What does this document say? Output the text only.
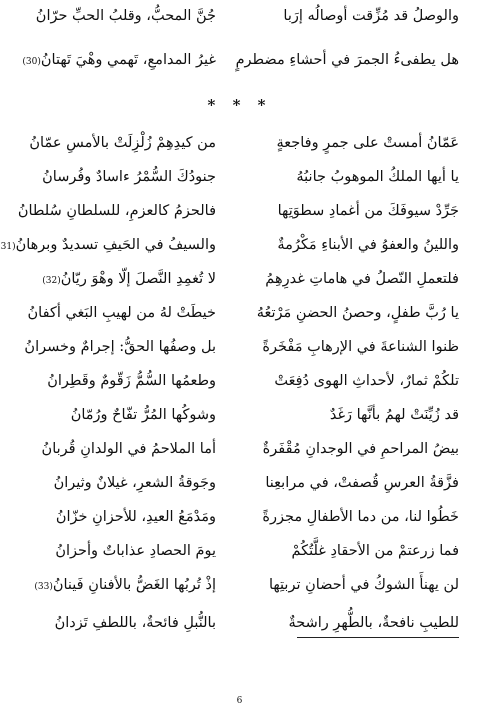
والوصلُ قد مُزِّقت أوصالُه إرَبا

هل يطفىءُ الجمرَ في أحشاءِ مضطرمٍ

جُنَّ المحبُّ، وقلبُ الحبِّ حرّانُ

غيرُ المدامعِ، تَهمي وهْيَ تَهتانُ(30)

* * *

عَمّانُ أمستْ على جمرٍ وفاجعةٍ

يا أيها الملكُ الموهوبُ جانبُهُ

جَرِّدْ سيوفَكَ من أغمادِ سطوَتِها

واللينُ والعفوُ في الأبناءِ مَكْرُمةٌ

فلتعملِ النّصلُ في هاماتِ غدرِهِمُ

يا رُبَّ طفلٍ، وحصنُ الحضنِ مَرْتعُهُ

ظنوا الشناعةَ في الإرهابِ مَفْخَرةً

تلكُمْ ثمارٌ، لأحداثِ الهوى دُفِعَتْ

قد زُيِّنَتْ لهمُ بأنَّها رَغَدٌ

بيضُ المراحمِ في الوجدانِ مُقْفَرةٌ

فزَّقةُ العرسِ قُصفتْ، في مرابعِنا

خَطُوا لنا، من دما الأطفالِ مجزرةً

فما زرعتمْ من الأحقادِ غلَّتُكُمْ

لن يهنأَ الشوكُ في أحضانِ تربتِها

للطيبِ نافحةٌ، بالطُّهرِ راشحةٌ

من كيدِهِمْ زُلْزِلَتْ بالأمسِ عمّانُ

جنودُكَ السُّمْرُ ءاسادٌ وفُرسانُ

فالحزمُ كالعزمِ، للسلطانِ سُلطانُ

والسيفُ في الحَيفِ تسديدٌ وبرهانُ(31

لا تُغمِدِ النَّصلَ إلّا وهْوَ ريّانُ(32)

خيطَتْ لهُ من لهيبِ البَغي أكفانُ

بل وصفُها الحقُّ: إجرامٌ وخسرانُ

وطعمُها السُّمُّ زَقّومٌ وقَطِرانُ

وشوكُها المُرُّ تفّاحٌ ورُمّانُ

أما الملاحمُ في الولدانِ قُربانُ

وجَوقةُ الشعرِ، غيلانٌ وثيرانُ

ومَدْمَعُ العيدِ، للأحزانِ خزّانُ

يومَ الحصادِ عذاباتٌ وأحزانُ

إذْ تُربُها الغَضُّ بالأفنانِ فَينانُ(33)

بالنُّبلِ فائحةٌ، باللطفِ تَزدانُ

6
